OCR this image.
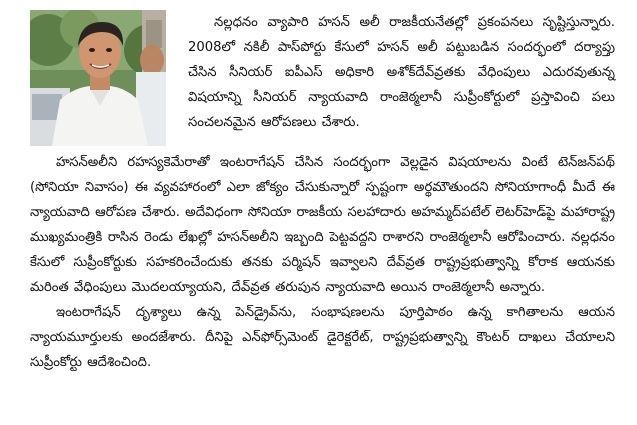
నల్లధనం వ్యాపారి హసన్ అలీ రాజకీయనేతల్లో ప్రకంపనలు సృష్టిస్తున్నారు. 2008లో నకిలీ పాస్‌పోర్టు కేసులో హసన్ అలీ పట్టుబడిన సందర్భంలో దర్యాప్తు చేసిన సీనియర్ ఐపీఎస్ అధికారి అశోక్‌దేవ్‌వ్రతకు వేధింపులు ఎదురవుతున్న విషయాన్ని సీనియర్ న్యాయవాది రాంజెఠ్మలానీ సుప్రీంకోర్టులో ప్రస్తావించి పలు సంచలనమైన ఆరోపణలు చేశారు.

హసన్‌అలీని రహస్యకెమేరాతో ఇంటరాగేషన్ చేసిన సందర్భంగా వెల్లడైన విషయాలను వింటే టెన్‌జన్‌పథ్ (సోనియా నివాసం) ఈ వ్యవహారంలో ఎలా జోక్యం చేసుకున్నారో స్పష్టంగా అర్థమౌతుందని సోనియాగాంధీ మీదే ఈ న్యాయవాది ఆరోపణ చేశారు. అదేవిధంగా సోనియా రాజకీయ సలహాదారు అహమ్మద్‌పటేల్ లెటర్‌హెడ్‌పై మహారాష్ట్ర ముఖ్యమంత్రికి రాసిన రెండు లేఖల్లో హసన్‌అలీని ఇబ్బంది పెట్టవద్దని రాశారని రాంజెఠ్మలానీ ఆరోపించారు. నల్లధనం కేసులో సుప్రీంకోర్టుకు సహకరించేందుకు తనకు పర్మిషన్ ఇవ్వాలని దేవ్‌వ్రత రాష్ట్రప్రభుత్వాన్ని కోరాక ఆయనకు మరింత వేధింపులు మొదలయ్యాయని, దేవ్‌వ్రత తరుపున న్యాయవాది అయిన రాంజెఠ్మలానీ అన్నారు.

ఇంటరాగేషన్ దృశ్యాలు ఉన్న పెన్‌డ్రైవ్‌ను, సంభాషణలను పూర్తిపాఠం ఉన్న కాగితాలను ఆయన న్యాయమూర్తులకు అందజేశారు. దీనిపై ఎన్‌ఫోర్స్‌మెంట్ డైరెక్టరేట్, రాష్ట్రప్రభుత్వాన్ని కౌంటర్ దాఖలు చేయాలని సుప్రీంకోర్టు ఆదేశించింది.
